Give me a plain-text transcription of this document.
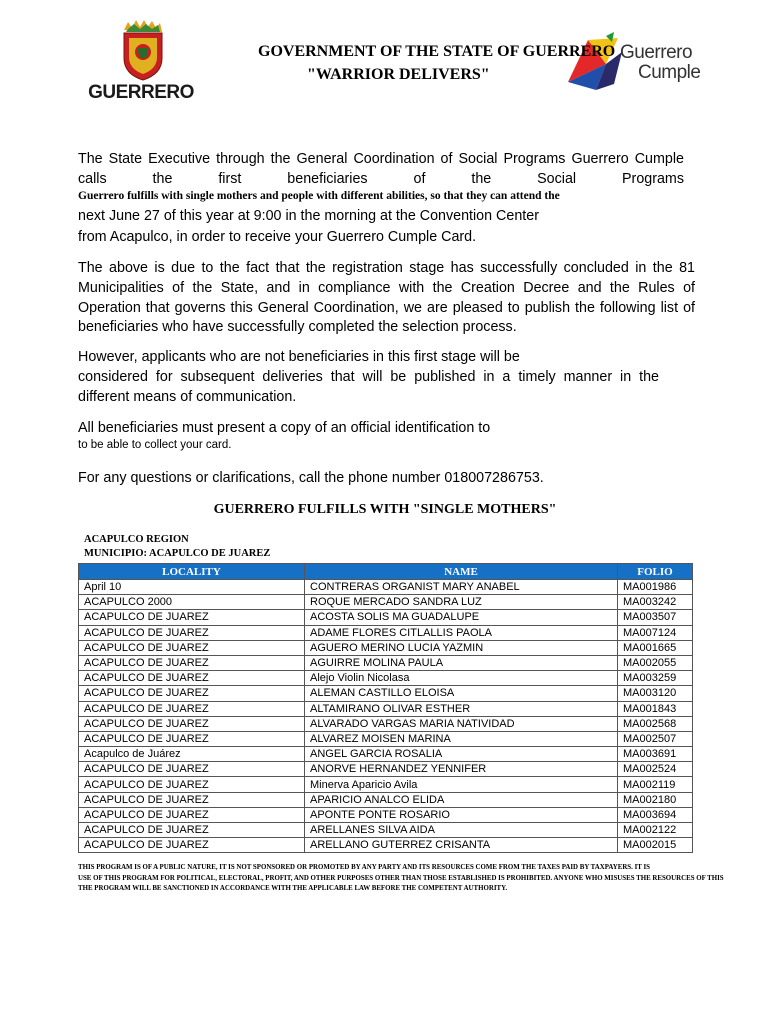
GUERRERO
Guerrero
Cumple
GOVERNMENT OF THE STATE OF GUERRERO
"WARRIOR DELIVERS"
The State Executive through the General Coordination of Social Programs Guerrero Cumple calls the first beneficiaries of the Social Programs
Guerrero fulfills with single mothers and people with different abilities, so that they can attend the
next June 27 of this year at 9:00 in the morning at the Convention Center
from Acapulco, in order to receive your Guerrero Cumple Card.
The above is due to the fact that the registration stage has successfully concluded in the 81 Municipalities of the State, and in compliance with the Creation Decree and the Rules of Operation that governs this General Coordination, we are pleased to publish the following list of beneficiaries who have successfully completed the selection process.
However, applicants who are not beneficiaries in this first stage will be
considered for subsequent deliveries that will be published in a timely manner in the different means of communication.
All beneficiaries must present a copy of an official identification to
to be able to collect your card.
For any questions or clarifications, call the phone number 018007286753.
GUERRERO FULFILLS WITH "SINGLE MOTHERS"
ACAPULCO REGION
MUNICIPIO: ACAPULCO DE JUAREZ
LOCALITY	NAME	FOLIO
April 10	CONTRERAS ORGANIST MARY ANABEL	MA001986
ACAPULCO 2000	ROQUE MERCADO SANDRA LUZ	MA003242
ACAPULCO DE JUAREZ	ACOSTA SOLIS MA GUADALUPE	MA003507
ACAPULCO DE JUAREZ	ADAME FLORES CITLALLIS PAOLA	MA007124
ACAPULCO DE JUAREZ	AGUERO MERINO LUCIA YAZMIN	MA001665
ACAPULCO DE JUAREZ	AGUIRRE MOLINA PAULA	MA002055
ACAPULCO DE JUAREZ	Alejo Violin Nicolasa	MA003259
ACAPULCO DE JUAREZ	ALEMAN CASTILLO ELOISA	MA003120
ACAPULCO DE JUAREZ	ALTAMIRANO OLIVAR ESTHER	MA001843
ACAPULCO DE JUAREZ	ALVARADO VARGAS MARIA NATIVIDAD	MA002568
ACAPULCO DE JUAREZ	ALVAREZ MOISEN MARINA	MA002507
Acapulco de Juárez	ANGEL GARCIA ROSALIA	MA003691
ACAPULCO DE JUAREZ	ANORVE HERNANDEZ YENNIFER	MA002524
ACAPULCO DE JUAREZ	Minerva Aparicio Avila	MA002119
ACAPULCO DE JUAREZ	APARICIO ANALCO ELIDA	MA002180
ACAPULCO DE JUAREZ	APONTE PONTE ROSARIO	MA003694
ACAPULCO DE JUAREZ	ARELLANES SILVA AIDA	MA002122
ACAPULCO DE JUAREZ	ARELLANO GUTERREZ CRISANTA	MA002015
THIS PROGRAM IS OF A PUBLIC NATURE, IT IS NOT SPONSORED OR PROMOTED BY ANY PARTY AND ITS RESOURCES COME FROM THE TAXES PAID BY TAXPAYERS. IT IS
USE OF THIS PROGRAM FOR POLITICAL, ELECTORAL, PROFIT, AND OTHER PURPOSES OTHER THAN THOSE ESTABLISHED IS PROHIBITED. ANYONE WHO MISUSES THE RESOURCES OF THIS
THE PROGRAM WILL BE SANCTIONED IN ACCORDANCE WITH THE APPLICABLE LAW BEFORE THE COMPETENT AUTHORITY.
